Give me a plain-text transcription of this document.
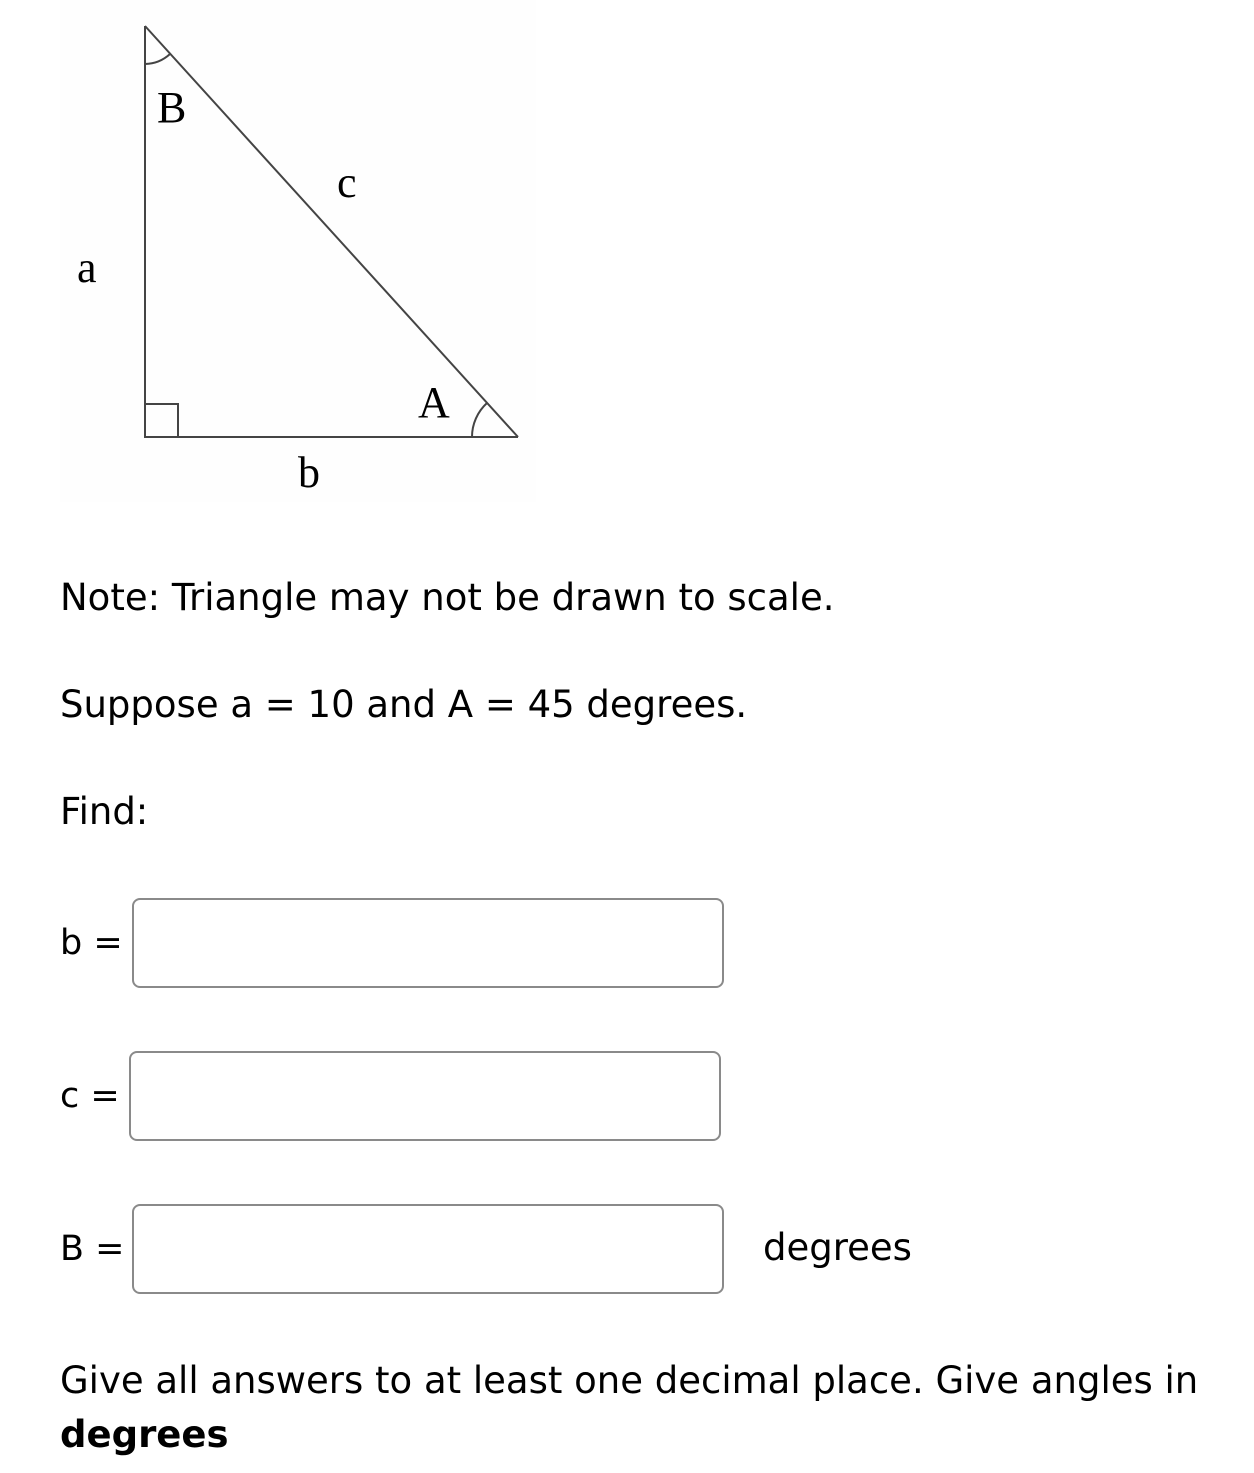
B
c
a
A
b
Note: Triangle may not be drawn to scale.
Suppose a = 10 and A = 45 degrees.
Find:
b =
c =
B =	degrees
Give all answers to at least one decimal place. Give angles in
degrees
